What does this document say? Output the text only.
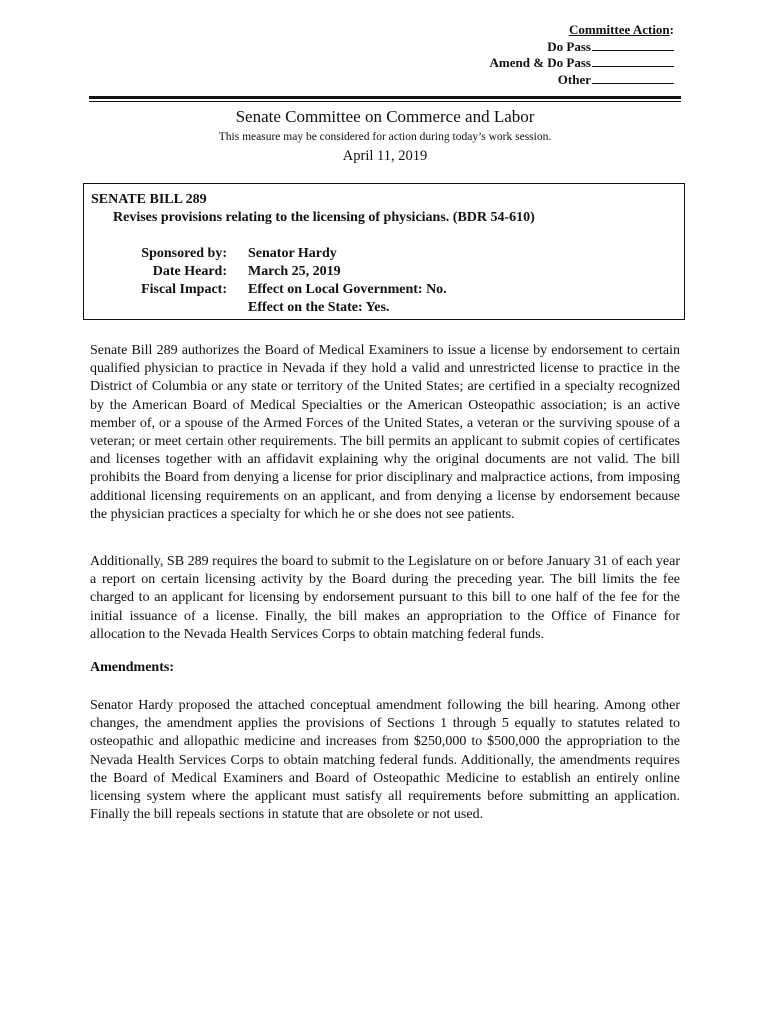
Committee Action:
Do Pass
Amend & Do Pass
Other
Senate Committee on Commerce and Labor
This measure may be considered for action during today’s work session.
April 11, 2019
SENATE BILL 289
Revises provisions relating to the licensing of physicians. (BDR 54-610)
Sponsored by:
Date Heard:
Fiscal Impact:
Senator Hardy
March 25, 2019
Effect on Local Government: No.
Effect on the State: Yes.

Senate Bill 289 authorizes the Board of Medical Examiners to issue a license by endorsement to certain qualified physician to practice in Nevada if they hold a valid and unrestricted license to practice in the District of Columbia or any state or territory of the United States; are certified in a specialty recognized by the American Board of Medical Specialties or the American Osteopathic association; is an active member of, or a spouse of the Armed Forces of the United States, a veteran or the surviving spouse of a veteran; or meet certain other requirements. The bill permits an applicant to submit copies of certificates and licenses together with an affidavit explaining why the original documents are not valid. The bill prohibits the Board from denying a license for prior disciplinary and malpractice actions, from imposing additional licensing requirements on an applicant, and from denying a license by endorsement because the physician practices a specialty for which he or she does not see patients.

Additionally, SB 289 requires the board to submit to the Legislature on or before January 31 of each year a report on certain licensing activity by the Board during the preceding year. The bill limits the fee charged to an applicant for licensing by endorsement pursuant to this bill to one half of the fee for the initial issuance of a license. Finally, the bill makes an appropriation to the Office of Finance for allocation to the Nevada Health Services Corps to obtain matching federal funds.

Amendments:

Senator Hardy proposed the attached conceptual amendment following the bill hearing. Among other changes, the amendment applies the provisions of Sections 1 through 5 equally to statutes related to osteopathic and allopathic medicine and increases from $250,000 to $500,000 the appropriation to the Nevada Health Services Corps to obtain matching federal funds. Additionally, the amendments requires the Board of Medical Examiners and Board of Osteopathic Medicine to establish an entirely online licensing system where the applicant must satisfy all requirements before submitting an application. Finally the bill repeals sections in statute that are obsolete or not used.
